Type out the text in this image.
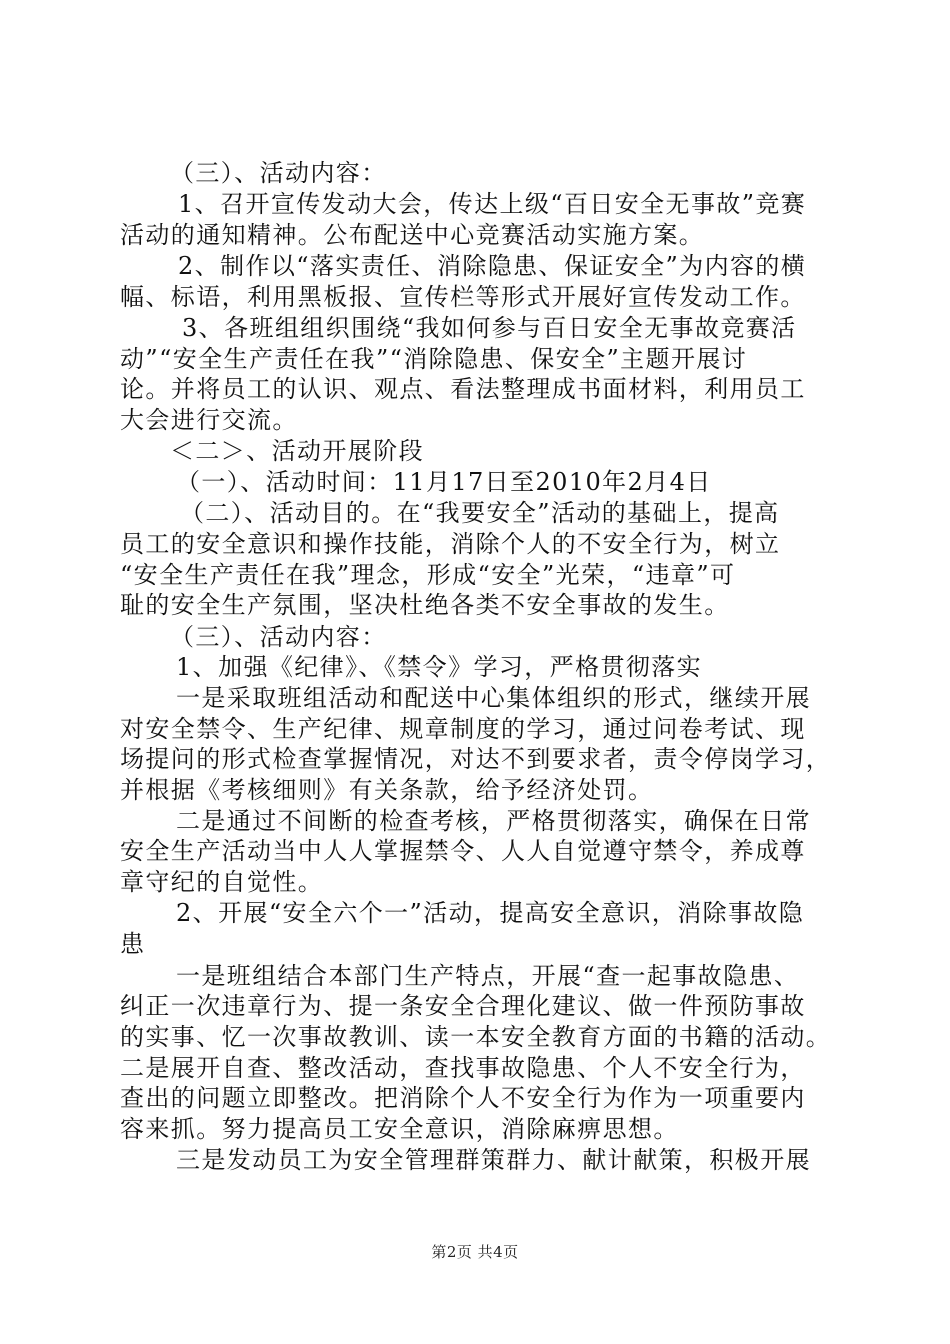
（三）、活动内容：

1、召开宣传发动大会，传达上级“百日安全无事故”竞赛

活动的通知精神。公布配送中心竞赛活动实施方案。

2、制作以“落实责任、消除隐患、保证安全”为内容的横

幅、标语，利用黑板报、宣传栏等形式开展好宣传发动工作。

3、各班组组织围绕“我如何参与百日安全无事故竞赛活

动”“安全生产责任在我”“消除隐患、保安全”主题开展讨

论。并将员工的认识、观点、看法整理成书面材料，利用员工

大会进行交流。

＜二＞、活动开展阶段

（一）、活动时间：11月17日至2010年2月4日

（二）、活动目的。在“我要安全”活动的基础上，提高

员工的安全意识和操作技能，消除个人的不安全行为，树立

“安全生产责任在我”理念，形成“安全”光荣，“违章”可

耻的安全生产氛围，坚决杜绝各类不安全事故的发生。

（三）、活动内容：

1、加强《纪律》、《禁令》学习，严格贯彻落实

一是采取班组活动和配送中心集体组织的形式，继续开展

对安全禁令、生产纪律、规章制度的学习，通过问卷考试、现

场提问的形式检查掌握情况，对达不到要求者，责令停岗学习，

并根据《考核细则》有关条款，给予经济处罚。

二是通过不间断的检查考核，严格贯彻落实，确保在日常

安全生产活动当中人人掌握禁令、人人自觉遵守禁令，养成尊

章守纪的自觉性。

2、开展“安全六个一”活动，提高安全意识，消除事故隐

患

一是班组结合本部门生产特点，开展“查一起事故隐患、

纠正一次违章行为、提一条安全合理化建议、做一件预防事故

的实事、忆一次事故教训、读一本安全教育方面的书籍的活动。

二是展开自查、整改活动，查找事故隐患、个人不安全行为，

查出的问题立即整改。把消除个人不安全行为作为一项重要内

容来抓。努力提高员工安全意识，消除麻痹思想。

三是发动员工为安全管理群策群力、献计献策，积极开展

第2页 共4页
